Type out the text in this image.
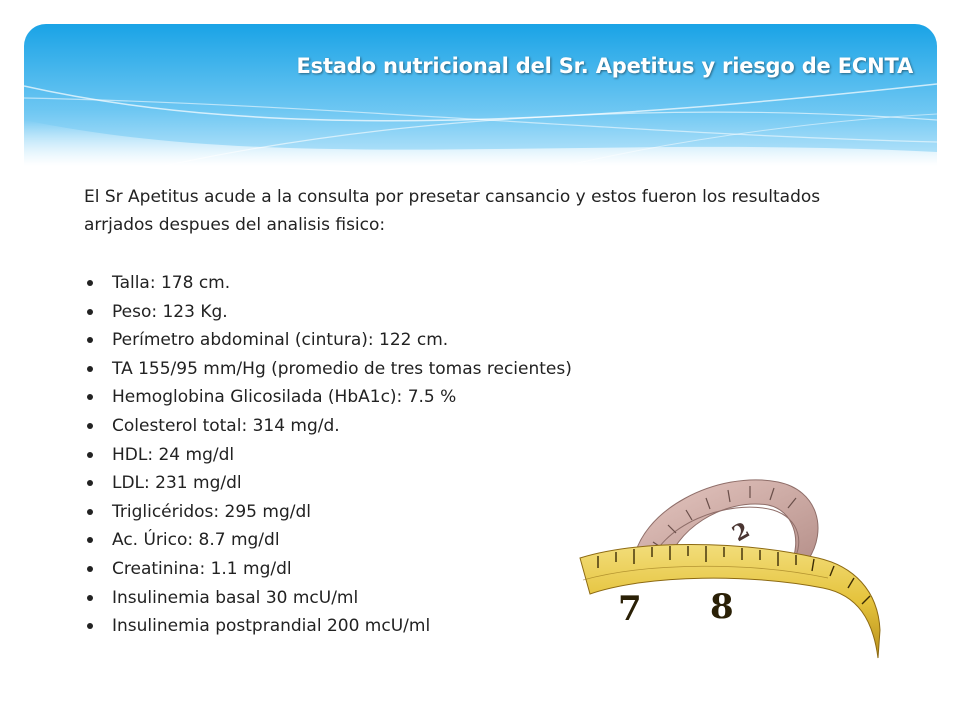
Estado nutricional del Sr. Apetitus y riesgo de ECNTA

El Sr Apetitus acude a la consulta por presetar cansancio y estos fueron los resultados arrjados despues del analisis fisico:

Talla: 178 cm.
Peso: 123 Kg.
Perímetro abdominal (cintura): 122 cm.
TA 155/95 mm/Hg (promedio de tres tomas recientes)
Hemoglobina Glicosilada (HbA1c): 7.5 %
Colesterol total: 314 mg/d.
HDL: 24 mg/dl
LDL: 231 mg/dl
Triglicéridos: 295 mg/dl
Ac. Úrico: 8.7 mg/dl
Creatinina: 1.1 mg/dl
Insulinemia basal 30 mcU/ml
Insulinemia postprandial 200 mcU/ml
2
7 8
